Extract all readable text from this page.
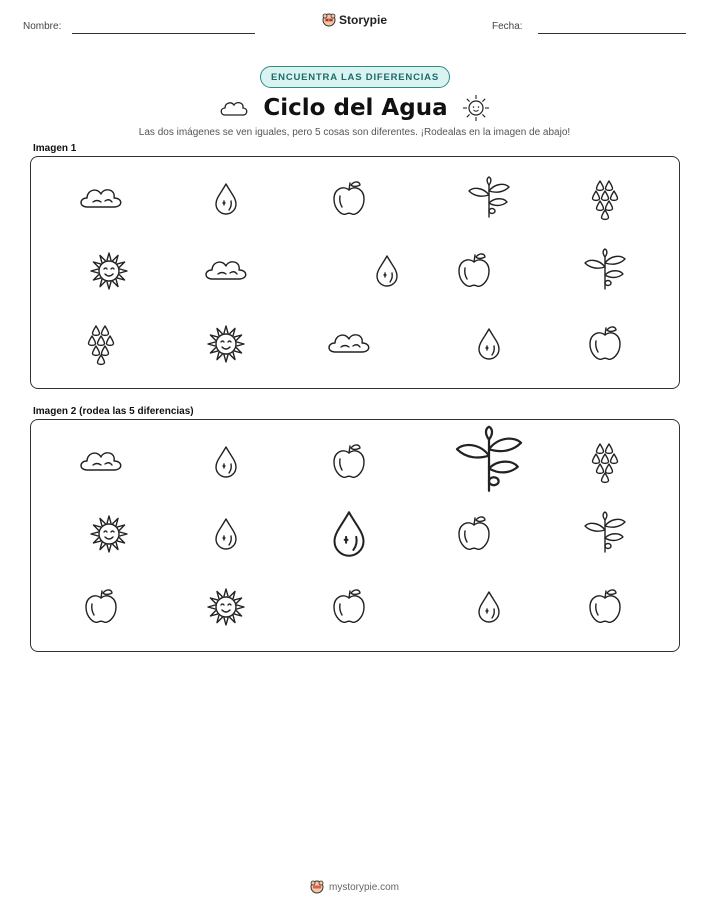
Nombre:	Storypie	Fecha:
ENCUENTRA LAS DIFERENCIAS
Ciclo del Agua
Las dos imágenes se ven iguales, pero 5 cosas son diferentes. ¡Rodealas en la imagen de abajo!
Imagen 1
Imagen 2 (rodea las 5 diferencias)
mystorypie.com
